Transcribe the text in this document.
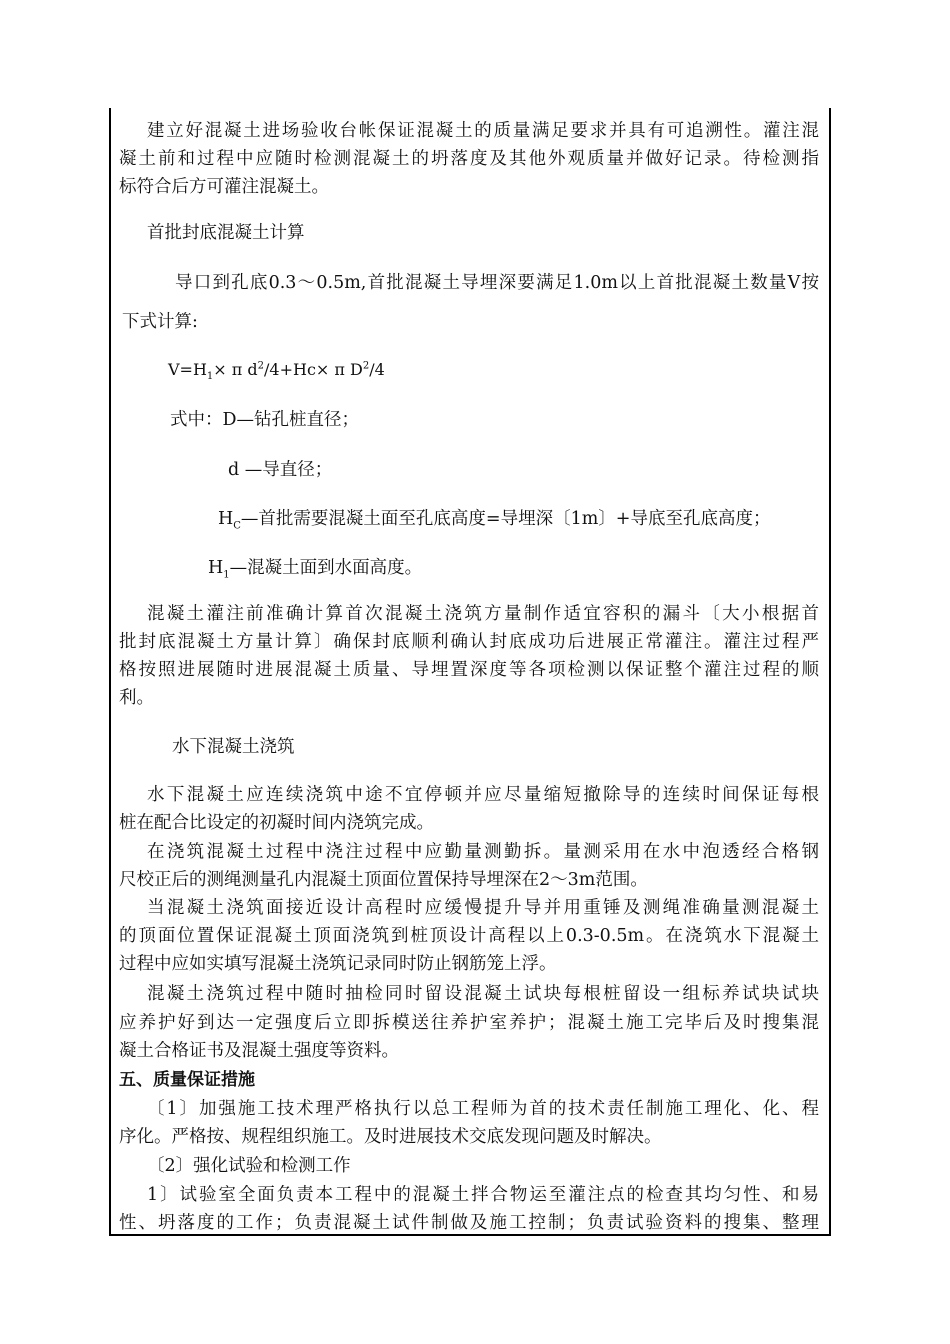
建立好混凝土进场验收台帐保证混凝土的质量满足要求并具有可追溯性。灌注混
凝土前和过程中应随时检测混凝土的坍落度及其他外观质量并做好记录。待检测指
标符合后方可灌注混凝土。
首批封底混凝土计算
导口到孔底0.3～0.5m,首批混凝土导埋深要满足1.0m以上首批混凝土数量V按
下式计算:
$V=H_1\times \pi$ $d^2/4+Hc\times \pi$ $D^2/4$
式中：D—钻孔桩直径；
d —导直径；
$H_C—$首批需要混凝土面至孔底高度=导埋深〔1m〕+导底至孔底高度；
$H_1—$混凝土面到水面高度。
混凝土灌注前准确计算首次混凝土浇筑方量制作适宜容积的漏斗〔大小根据首
批封底混凝土方量计算〕确保封底顺利确认封底成功后进展正常灌注。灌注过程严
格按照进展随时进展混凝土质量、导埋置深度等各项检测以保证整个灌注过程的顺
利。
水下混凝土浇筑
水下混凝土应连续浇筑中途不宜停顿并应尽量缩短撤除导的连续时间保证每根
桩在配合比设定的初凝时间内浇筑完成。
在浇筑混凝土过程中浇注过程中应勤量测勤拆。量测采用在水中泡透经合格钢
尺校正后的测绳测量孔内混凝土顶面位置保持导埋深在2～3m范围。
当混凝土浇筑面接近设计高程时应缓慢提升导并用重锤及测绳准确量测混凝土
的顶面位置保证混凝土顶面浇筑到桩顶设计高程以上0.3-0.5m。在浇筑水下混凝土
过程中应如实填写混凝土浇筑记录同时防止钢筋笼上浮。
混凝土浇筑过程中随时抽检同时留设混凝土试块每根桩留设一组标养试块试块
应养护好到达一定强度后立即拆模送往养护室养护；混凝土施工完毕后及时搜集混
凝土合格证书及混凝土强度等资料。
五、质量保证措施
〔1〕加强施工技术理严格执行以总工程师为首的技术责任制施工理化、化、程
序化。严格按、规程组织施工。及时进展技术交底发现问题及时解决。
〔2〕强化试验和检测工作
1〕试验室全面负责本工程中的混凝土拌合物运至灌注点的检查其均匀性、和易
性、坍落度的工作；负责混凝土试件制做及施工控制；负责试验资料的搜集、整理
